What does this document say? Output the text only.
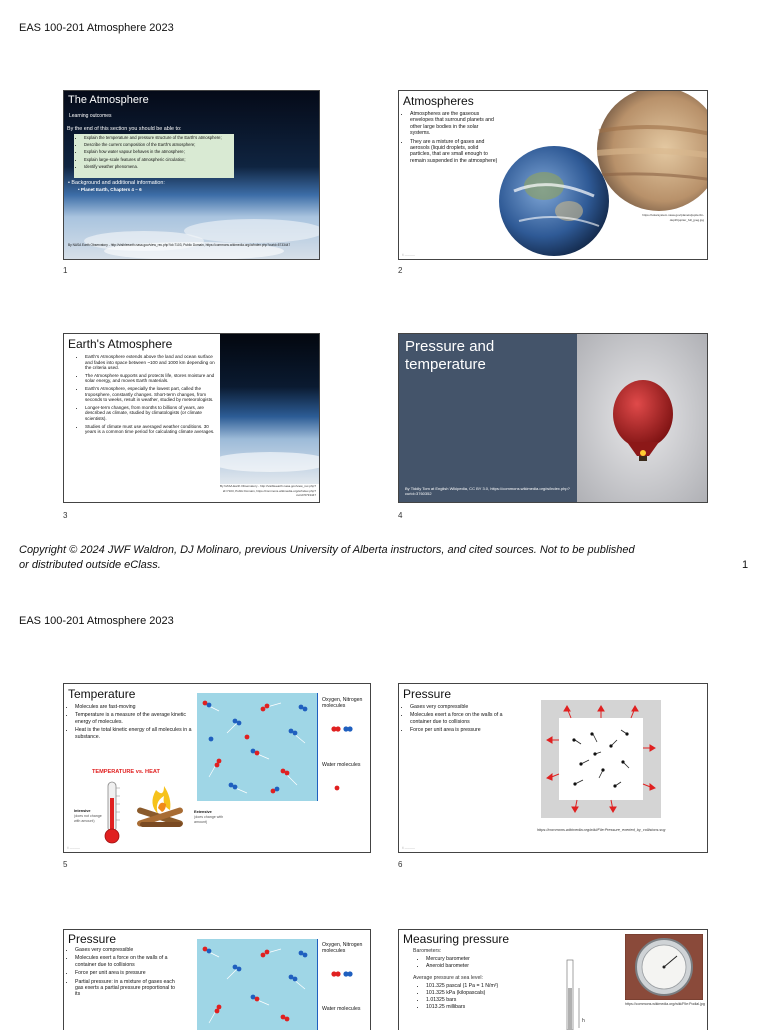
EAS 100-201 Atmosphere 2023
The Atmosphere
Learning outcomes
By the end of this section you should be able to:
• Explain the temperature and pressure structure of the Earth's atmosphere;
• Describe the current composition of the Earth's atmosphere;
• Explain how water vapour behaves in the atmosphere;
• Explain large-scale features of atmospheric circulation;
• Identify weather phenomena.
• Background and additional information:
• Planet Earth, Chapters 4 – 6
By NASA Earth Observatory - http://visibleearth.nasa.gov/view_rec.php?id=7103, Public Domain, https://commons.wikimedia.org/w/index.php?curid=5733447
1
Atmospheres
• Atmospheres are the gaseous envelopes that surround planets and other large bodies in the solar systems.
• They are a mixture of gases and aerosols (liquid droplets, solid particles, that are small enough to remain suspended in the atmosphere)
https://solarsystem.nasa.gov/planets/jupiter/in-depth/jupiter_full_jpeg.jpg
© ————
2
Earth's Atmosphere
• Earth's Atmosphere extends above the land and ocean surface and fades into space between ~100 and 1000 km depending on the criteria used.
• The Atmosphere supports and protects life, stores moisture and solar energy, and moves Earth materials.
• Earth's Atmosphere, especially the lowest part, called the troposphere, constantly changes. Short-term changes, from seconds to weeks, result in weather, studied by meteorologists.
• Longer-term changes, from months to billions of years, are described as climate, studied by climatologists (or climate scientists).
• Studies of climate must use averaged weather conditions. 30 years is a common time period for calculating climate averages.
By NASA Earth Observatory - http://visibleearth.nasa.gov/view_rec.php?id=7103, Public Domain, https://commons.wikimedia.org/w/index.php?curid=5733447
3
Pressure and temperature
By Tiddly Tom at English Wikipedia, CC BY 3.0, https://commons.wikimedia.org/w/index.php?curid=3760352
4
Copyright © 2024 JWF Waldron, DJ Molinaro, previous University of Alberta instructors, and cited sources. Not to be published or distributed outside eClass.	1
EAS 100-201 Atmosphere 2023
Temperature
• Molecules are fast-moving
• Temperature is a measure of the average kinetic energy of molecules.
• Heat is the total kinetic energy of all molecules in a substance.
TEMPERATURE vs. HEAT
Intensive
(does not change with amount)
Extensive
(does change with amount)
Oxygen, Nitrogen molecules
Water molecules
© ————
5
Pressure
• Gases very compressible
• Molecules exert a force on the walls of a container due to collisions
• Force per unit area is pressure
https://commons.wikimedia.org/wiki/File:Pressure_exerted_by_collisions.svg
© ————
6
Pressure
• Gases very compressible
• Molecules exert a force on the walls of a container due to collisions
• Force per unit area is pressure
• Partial pressure: in a mixture of gases each gas exerts a partial pressure proportional to its
Oxygen, Nitrogen molecules
Water molecules
Measuring pressure
Barometers:
• Mercury barometer
• Aneroid barometer
Average pressure at sea level:
• 101.325 pascal (1 Pa = 1 N/m²)
• 101.325 kPa (kilopascals)
• 1.01325 bars
• 1013.25 millibars
h
https://commons.wikimedia.org/wiki/File:Podial.jpg
